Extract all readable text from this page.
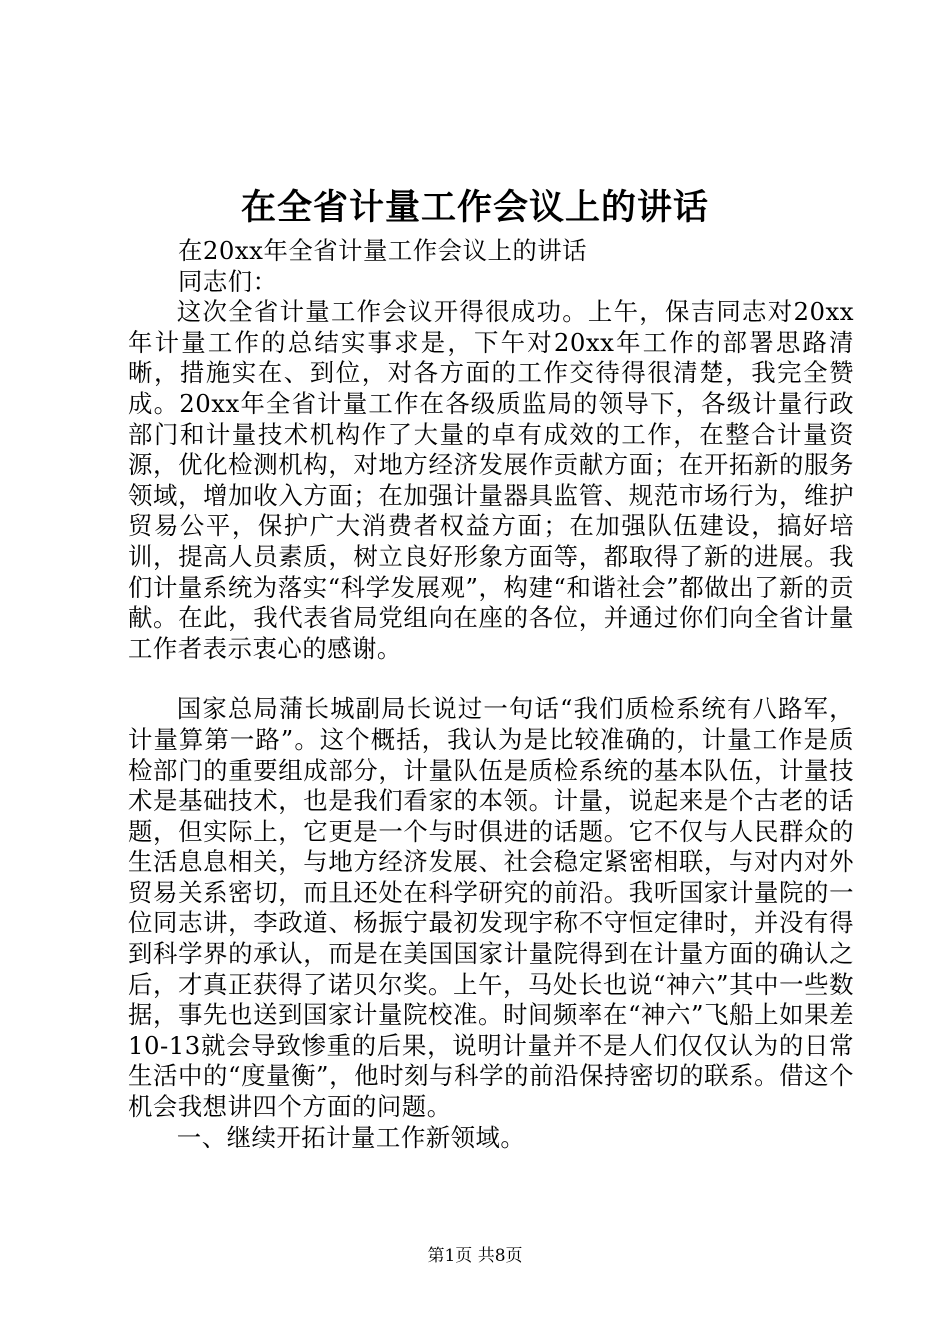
在全省计量工作会议上的讲话

在20xx年全省计量工作会议上的讲话

同志们：

这次全省计量工作会议开得很成功。上午，保吉同志对20xx年计量工作的总结实事求是，下午对20xx年工作的部署思路清晰，措施实在、到位，对各方面的工作交待得很清楚，我完全赞成。20xx年全省计量工作在各级质监局的领导下，各级计量行政部门和计量技术机构作了大量的卓有成效的工作，在整合计量资源，优化检测机构，对地方经济发展作贡献方面；在开拓新的服务领域，增加收入方面；在加强计量器具监管、规范市场行为，维护贸易公平，保护广大消费者权益方面；在加强队伍建设，搞好培训，提高人员素质，树立良好形象方面等，都取得了新的进展。我们计量系统为落实“科学发展观”，构建“和谐社会”都做出了新的贡献。在此，我代表省局党组向在座的各位，并通过你们向全省计量工作者表示衷心的感谢。

国家总局蒲长城副局长说过一句话“我们质检系统有八路军，计量算第一路”。这个概括，我认为是比较准确的，计量工作是质检部门的重要组成部分，计量队伍是质检系统的基本队伍，计量技术是基础技术，也是我们看家的本领。计量，说起来是个古老的话题，但实际上，它更是一个与时俱进的话题。它不仅与人民群众的生活息息相关，与地方经济发展、社会稳定紧密相联，与对内对外贸易关系密切，而且还处在科学研究的前沿。我听国家计量院的一位同志讲，李政道、杨振宁最初发现宇称不守恒定律时，并没有得到科学界的承认，而是在美国国家计量院得到在计量方面的确认之后，才真正获得了诺贝尔奖。上午，马处长也说“神六”其中一些数据，事先也送到国家计量院校准。时间频率在“神六”飞船上如果差10-13就会导致惨重的后果，说明计量并不是人们仅仅认为的日常生活中的“度量衡”，他时刻与科学的前沿保持密切的联系。借这个机会我想讲四个方面的问题。

一、继续开拓计量工作新领域。

第1页 共8页
